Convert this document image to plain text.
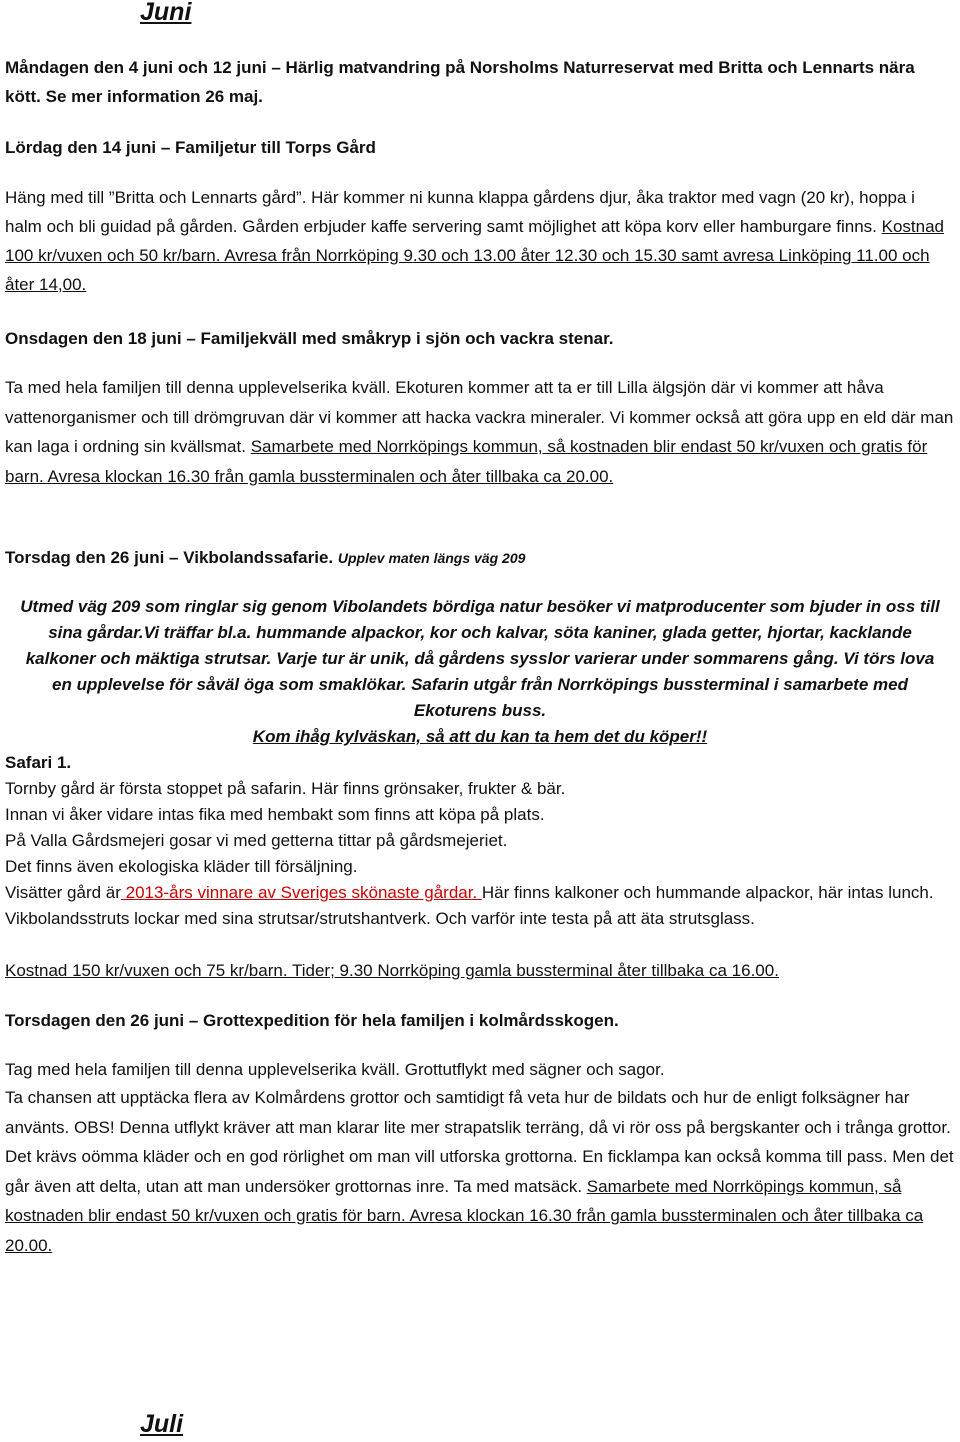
Juni

Måndagen den 4 juni och 12 juni – Härlig matvandring på Norsholms Naturreservat med Britta och Lennarts nära kött. Se mer information 26 maj.

Lördag den 14 juni – Familjetur till Torps Gård

Häng med till ”Britta och Lennarts gård”. Här kommer ni kunna klappa gårdens djur, åka traktor med vagn (20 kr), hoppa i halm och bli guidad på gården. Gården erbjuder kaffe servering samt möjlighet att köpa korv eller hamburgare finns. Kostnad 100 kr/vuxen och 50 kr/barn. Avresa från Norrköping 9.30 och 13.00 åter 12.30 och 15.30 samt avresa Linköping 11.00 och åter 14,00.

Onsdagen den 18 juni – Familjekväll med småkryp i sjön och vackra stenar.

Ta med hela familjen till denna upplevelserika kväll. Ekoturen kommer att ta er till Lilla älgsjön där vi kommer att håva vattenorganismer och till drömgruvan där vi kommer att hacka vackra mineraler. Vi kommer också att göra upp en eld där man kan laga i ordning sin kvällsmat. Samarbete med Norrköpings kommun, så kostnaden blir endast 50 kr/vuxen och gratis för barn. Avresa klockan 16.30 från gamla bussterminalen och åter tillbaka ca 20.00.

Torsdag den 26 juni – Vikbolandssafarie. Upplev maten längs väg 209

Utmed väg 209 som ringlar sig genom Vibolandets bördiga natur besöker vi matproducenter som bjuder in oss till sina gårdar.Vi träffar bl.a. hummande alpackor, kor och kalvar, söta kaniner, glada getter, hjortar, kacklande kalkoner och mäktiga strutsar. Varje tur är unik, då gårdens sysslor varierar under sommarens gång. Vi törs lova en upplevelse för såväl öga som smaklökar. Safarin utgår från Norrköpings bussterminal i samarbete med Ekoturens buss.

Kom ihåg kylväskan, så att du kan ta hem det du köper!!

Safari 1.

Tornby gård är första stoppet på safarin. Här finns grönsaker, frukter & bär.

Innan vi åker vidare intas fika med hembakt som finns att köpa på plats.

På Valla Gårdsmejeri gosar vi med getterna tittar på gårdsmejeriet.

Det finns även ekologiska kläder till försäljning.

Visätter gård är 2013-års vinnare av Sveriges skönaste gårdar. Här finns kalkoner och hummande alpackor, här intas lunch. Vikbolandsstruts lockar med sina strutsar/strutshantverk. Och varför inte testa på att äta strutsglass.

Kostnad 150 kr/vuxen och 75 kr/barn. Tider; 9.30 Norrköping gamla bussterminal åter tillbaka ca 16.00.

Torsdagen den 26 juni – Grottexpedition för hela familjen i kolmårdsskogen.

Tag med hela familjen till denna upplevelserika kväll. Grottutflykt med sägner och sagor.

Ta chansen att upptäcka flera av Kolmårdens grottor och samtidigt få veta hur de bildats och hur de enligt folksägner har använts. OBS! Denna utflykt kräver att man klarar lite mer strapatslik terräng, då vi rör oss på bergskanter och i trånga grottor. Det krävs oömma kläder och en god rörlighet om man vill utforska grottorna. En ficklampa kan också komma till pass. Men det går även att delta, utan att man undersöker grottornas inre. Ta med matsäck. Samarbete med Norrköpings kommun, så kostnaden blir endast 50 kr/vuxen och gratis för barn. Avresa klockan 16.30 från gamla bussterminalen och åter tillbaka ca 20.00.

Juli
